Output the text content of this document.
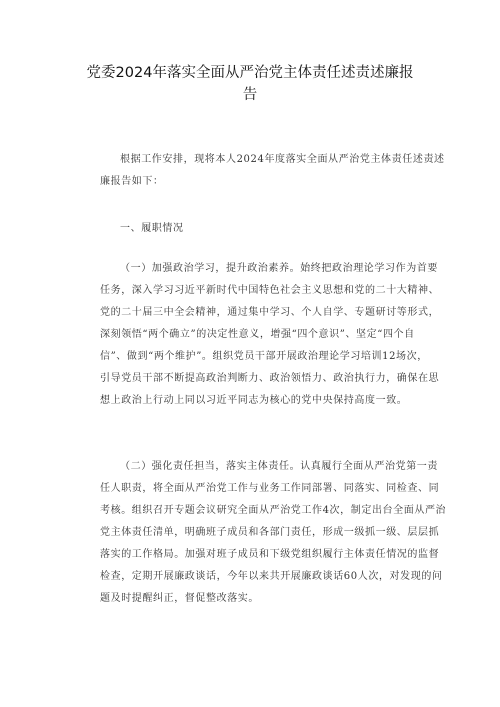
党委2024年落实全面从严治党主体责任述责述廉报
告
根据工作安排，现将本人2024年度落实全面从严治党主体责任述责述
廉报告如下：
一、履职情况
（一）加强政治学习，提升政治素养。始终把政治理论学习作为首要
任务，深入学习习近平新时代中国特色社会主义思想和党的二十大精神、
党的二十届三中全会精神，通过集中学习、个人自学、专题研讨等形式，
深刻领悟“两个确立”的决定性意义，增强“四个意识”、坚定“四个自
信”、做到“两个维护”。组织党员干部开展政治理论学习培训12场次，
引导党员干部不断提高政治判断力、政治领悟力、政治执行力，确保在思
想上政治上行动上同以习近平同志为核心的党中央保持高度一致。
（二）强化责任担当，落实主体责任。认真履行全面从严治党第一责
任人职责，将全面从严治党工作与业务工作同部署、同落实、同检查、同
考核。组织召开专题会议研究全面从严治党工作4次，制定出台全面从严治
党主体责任清单，明确班子成员和各部门责任，形成一级抓一级、层层抓
落实的工作格局。加强对班子成员和下级党组织履行主体责任情况的监督
检查，定期开展廉政谈话，今年以来共开展廉政谈话60人次，对发现的问
题及时提醒纠正，督促整改落实。
